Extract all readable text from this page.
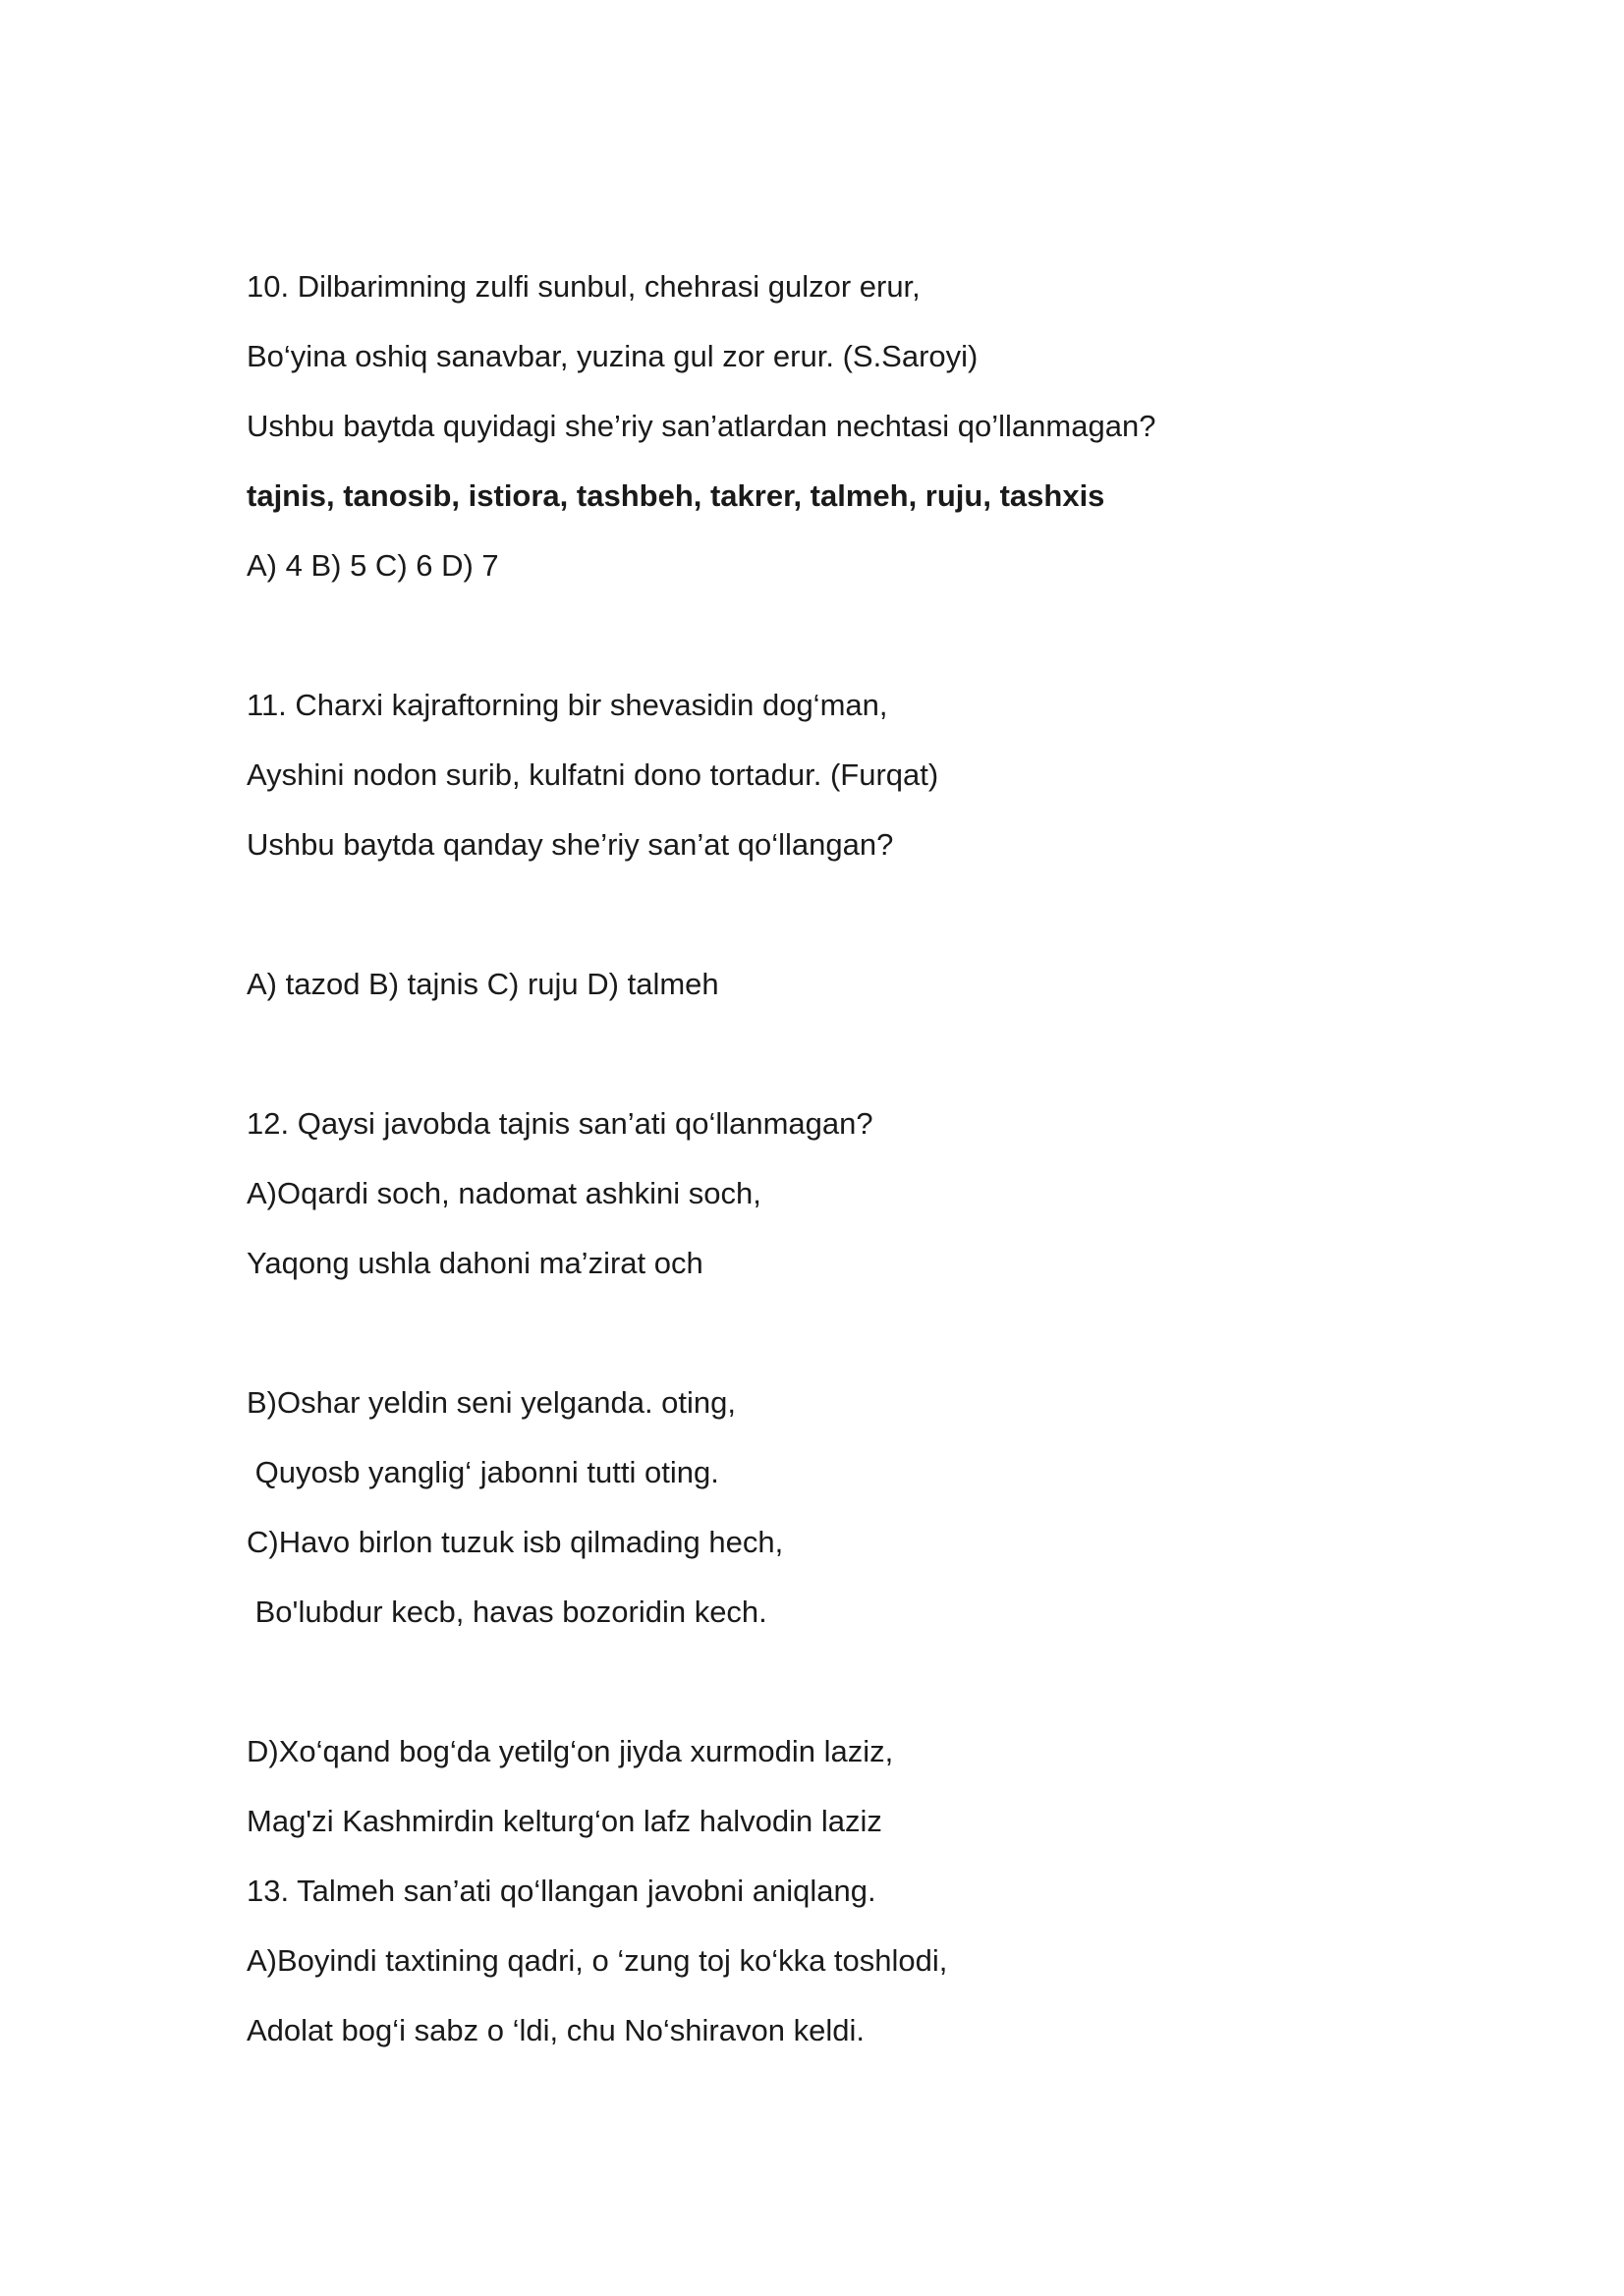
10. Dilbarimning zulfi sunbul, chehrasi gulzor erur,
Bo‘yina oshiq sanavbar, yuzina gul zor erur. (S.Saroyi)
Ushbu baytda quyidagi she’riy san’atlardan nechtasi qo’llanmagan?
tajnis, tanosib, istiora, tashbeh, takrer, talmeh, ruju, tashxis
A) 4 B) 5 C) 6 D) 7
11. Charxi kajraftorning bir shevasidin dog‘man,
Ayshini nodon surib, kulfatni dono tortadur. (Furqat)
Ushbu baytda qanday she’riy san’at qo‘llangan?
A) tazod B) tajnis C) ruju D) talmeh
12. Qaysi javobda tajnis san’ati qo‘llanmagan?
A)Oqardi soch, nadomat ashkini soch,
Yaqong ushla dahoni ma’zirat och
B)Oshar yeldin seni yelganda. oting,
Quyosb yanglig‘ jabonni tutti oting.
C)Havo birlon tuzuk isb qilmading hech,
Bo'lubdur kecb, havas bozoridin kech.
D)Xo‘qand bog‘da yetilg‘on jiyda xurmodin laziz,
Mag'zi Kashmirdin kelturg‘on lafz halvodin laziz
13. Talmeh san’ati qo‘llangan javobni aniqlang.
A)Boyindi taxtining qadri, o ‘zung toj ko‘kka toshlodi,
Adolat bog‘i sabz o ‘ldi, chu No‘shiravon keldi.
